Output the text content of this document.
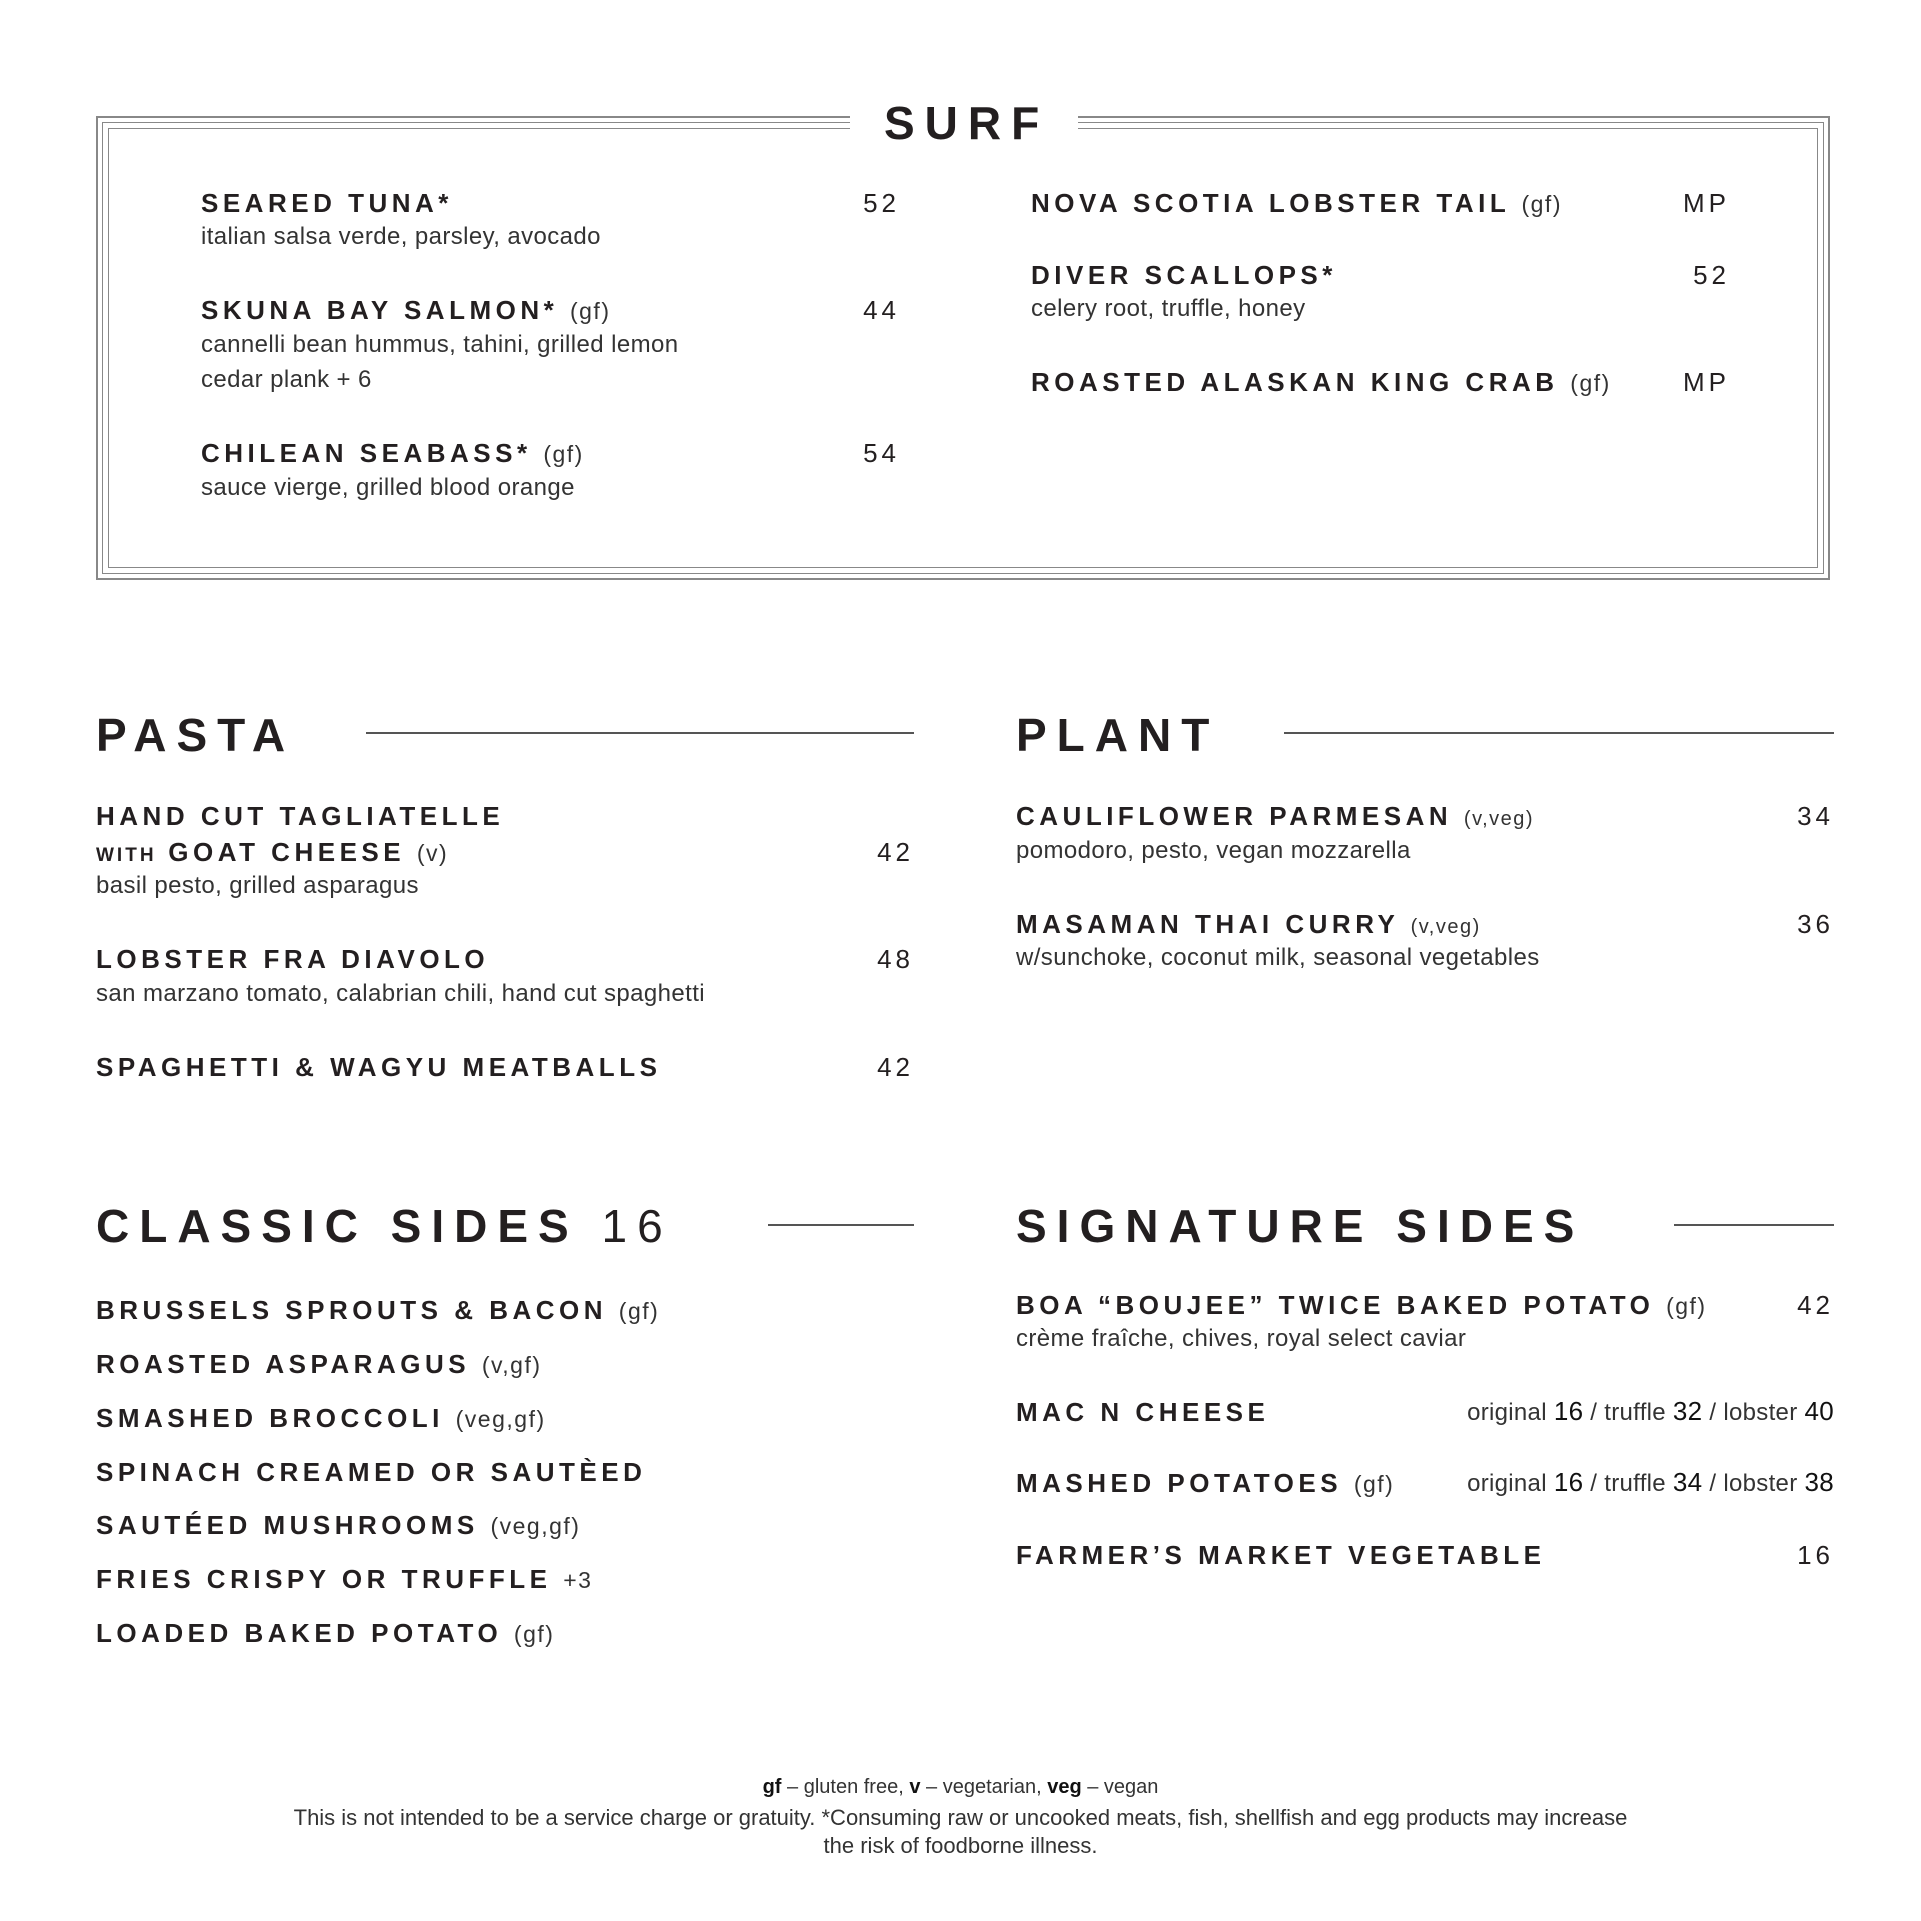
SURF
SEARED TUNA*	52
italian salsa verde, parsley, avocado
SKUNA BAY SALMON* (gf)	44
cannelli bean hummus, tahini, grilled lemon
cedar plank + 6
CHILEAN SEABASS* (gf)	54
sauce vierge, grilled blood orange
NOVA SCOTIA LOBSTER TAIL (gf)	MP
DIVER SCALLOPS*	52
celery root, truffle, honey
ROASTED ALASKAN KING CRAB (gf)	MP
PASTA
HAND CUT TAGLIATELLE
WITH GOAT CHEESE (v)	42
basil pesto, grilled asparagus
LOBSTER FRA DIAVOLO	48
san marzano tomato, calabrian chili, hand cut spaghetti
SPAGHETTI & WAGYU MEATBALLS	42
PLANT
CAULIFLOWER PARMESAN (v,veg)	34
pomodoro, pesto, vegan mozzarella
MASAMAN THAI CURRY (v,veg)	36
w/sunchoke, coconut milk, seasonal vegetables
CLASSIC SIDES 16
BRUSSELS SPROUTS & BACON (gf)
ROASTED ASPARAGUS (v,gf)
SMASHED BROCCOLI (veg,gf)
SPINACH CREAMED OR SAUTÈED
SAUTÉED MUSHROOMS (veg,gf)
FRIES CRISPY OR TRUFFLE +3
LOADED BAKED POTATO (gf)
SIGNATURE SIDES
BOA “BOUJEE” TWICE BAKED POTATO (gf)	42
crème fraîche, chives, royal select caviar
MAC N CHEESE	original 16 / truffle 32 / lobster 40
MASHED POTATOES (gf)	original 16 / truffle 34 / lobster 38
FARMER’S MARKET VEGETABLE	16
gf – gluten free, v – vegetarian, veg – vegan
This is not intended to be a service charge or gratuity. *Consuming raw or uncooked meats, fish, shellfish and egg products may increase
the risk of foodborne illness.
